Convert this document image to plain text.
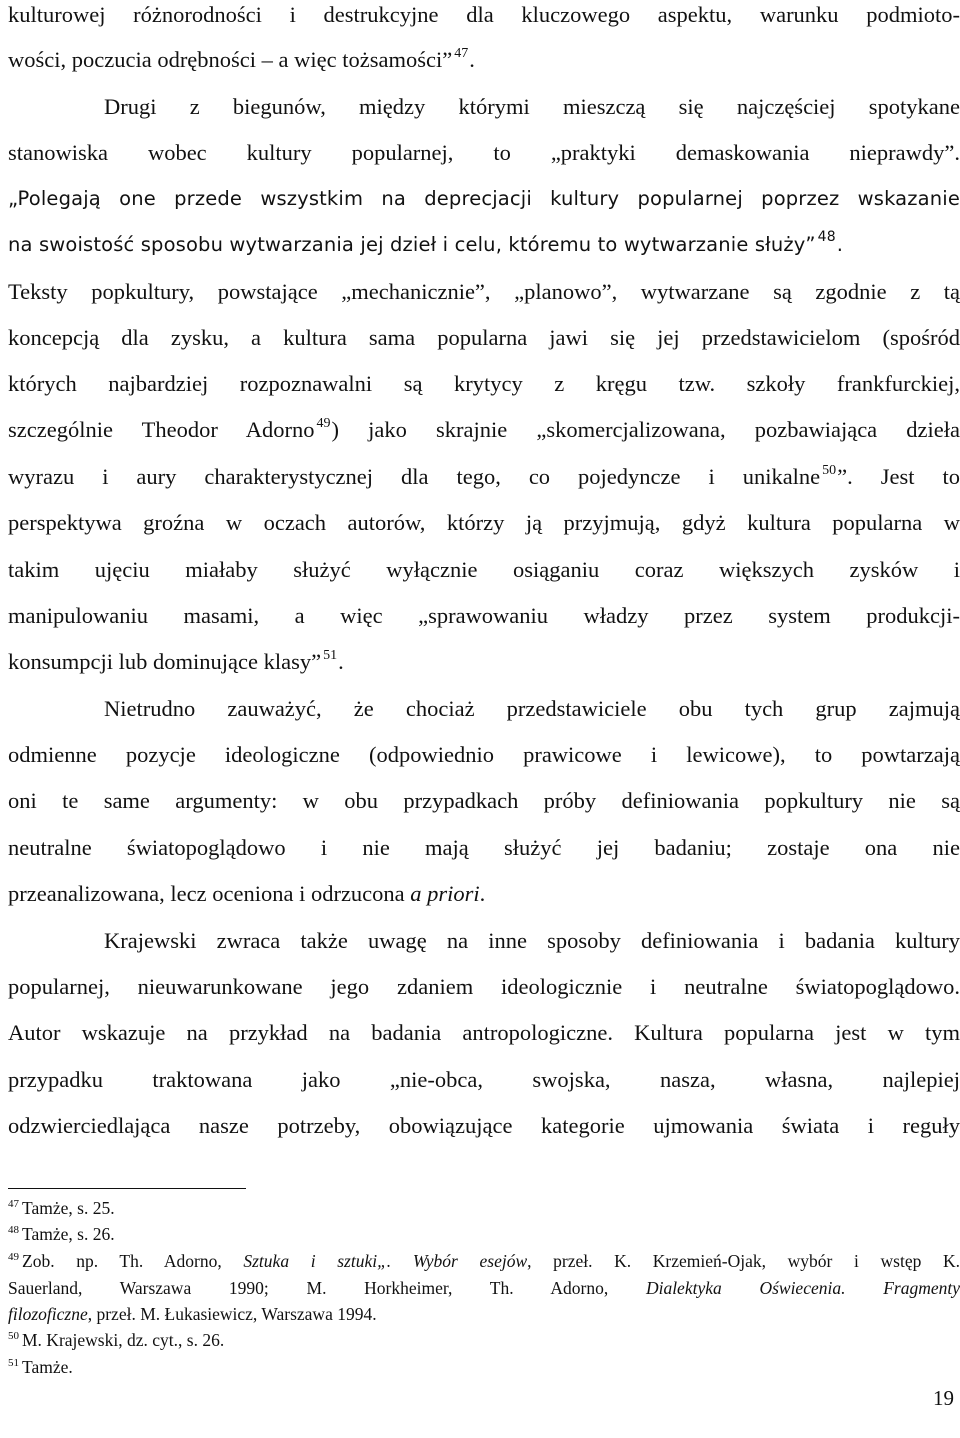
kulturowej różnorodności i destrukcyjne dla kluczowego aspektu, warunku podmioto-
wości, poczucia odrębności – a więc tożsamości” $^{47}$.
Drugi z biegunów, między którymi mieszczą się najczęściej spotykane
stanowiska wobec kultury popularnej, to „praktyki demaskowania nieprawdy”.
„Polegają one przede wszystkim na deprecjacji kultury popularnej poprzez wskazanie
na swoistość sposobu wytwarzania jej dzieł i celu, któremu to wytwarzanie służy” $^{48}$.
Teksty popkultury, powstające „mechanicznie”, „planowo”, wytwarzane są zgodnie z tą
koncepcją dla zysku, a kultura sama popularna jawi się jej przedstawicielom (spośród
których najbardziej rozpoznawalni są krytycy z kręgu tzw. szkoły frankfurckiej,
szczególnie Theodor Adorno $^{49}$) jako skrajnie „skomercjalizowana, pozbawiająca dzieła
wyrazu i aury charakterystycznej dla tego, co pojedyncze i unikalne $^{50}$”. Jest to
perspektywa groźna w oczach autorów, którzy ją przyjmują, gdyż kultura popularna w
takim ujęciu miałaby służyć wyłącznie osiąganiu coraz większych zysków i
manipulowaniu masami, a więc „sprawowaniu władzy przez system produkcji-
konsumpcji lub dominujące klasy” $^{51}$.
Nietrudno zauważyć, że chociaż przedstawiciele obu tych grup zajmują
odmienne pozycje ideologiczne (odpowiednio prawicowe i lewicowe), to powtarzają
oni te same argumenty: w obu przypadkach próby definiowania popkultury nie są
neutralne światopoglądowo i nie mają służyć jej badaniu; zostaje ona nie
przeanalizowana, lecz oceniona i odrzucona a priori.
Krajewski zwraca także uwagę na inne sposoby definiowania i badania kultury
popularnej, nieuwarunkowane jego zdaniem ideologicznie i neutralne światopoglądowo.
Autor wskazuje na przykład na badania antropologiczne. Kultura popularna jest w tym
przypadku traktowana jako „nie-obca, swojska, nasza, własna, najlepiej
odzwierciedlająca nasze potrzeby, obowiązujące kategorie ujmowania świata i reguły
$^{47}$ Tamże, s. 25.
$^{48}$ Tamże, s. 26.
$^{49}$ Zob. np. Th. Adorno, Sztuka i sztuki„. Wybór esejów, przeł. K. Krzemień-Ojak, wybór i wstęp K.
Sauerland, Warszawa 1990; M. Horkheimer, Th. Adorno, Dialektyka Oświecenia. Fragmenty
filozoficzne, przeł. M. Łukasiewicz, Warszawa 1994.
$^{50}$ M. Krajewski, dz. cyt., s. 26.
$^{51}$ Tamże.
19
